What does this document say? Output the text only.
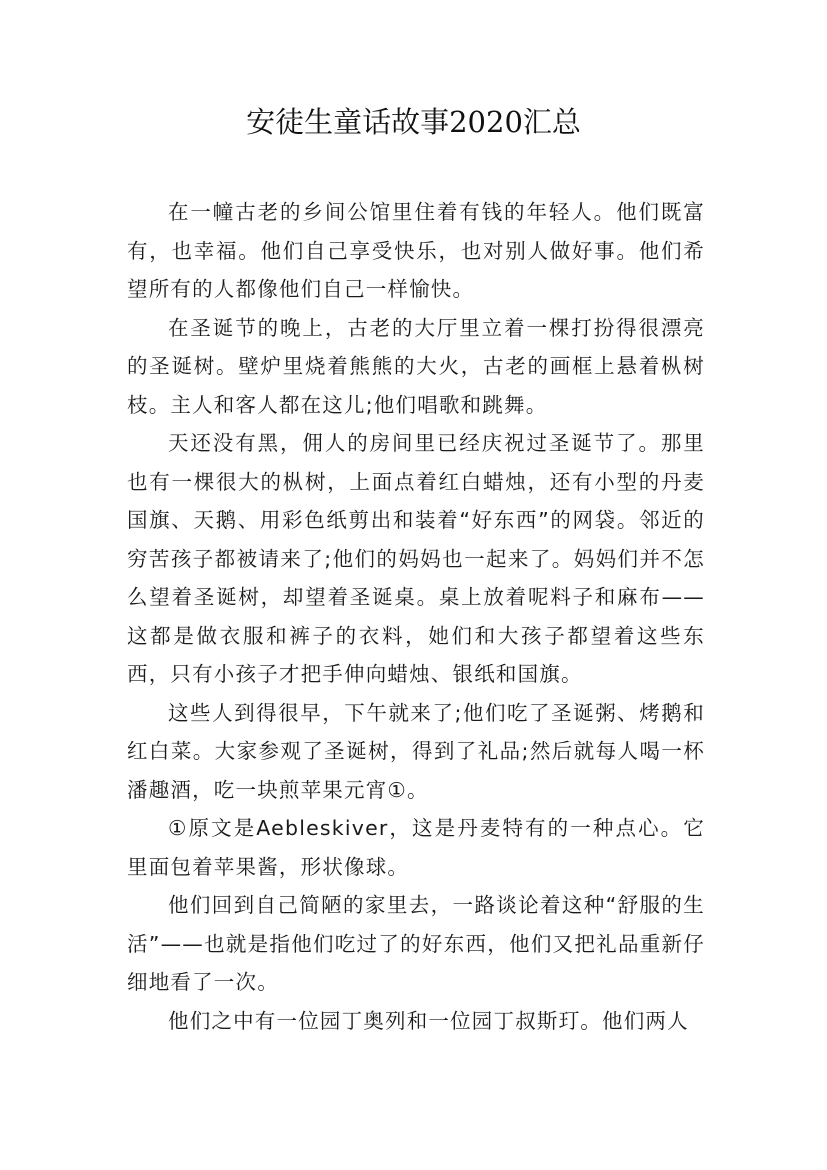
安徒生童话故事2020汇总

在一幢古老的乡间公馆里住着有钱的年轻人。他们既富有，也幸福。他们自己享受快乐，也对别人做好事。他们希望所有的人都像他们自己一样愉快。

在圣诞节的晚上，古老的大厅里立着一棵打扮得很漂亮的圣诞树。壁炉里烧着熊熊的大火，古老的画框上悬着枞树枝。主人和客人都在这儿;他们唱歌和跳舞。

天还没有黑，佣人的房间里已经庆祝过圣诞节了。那里也有一棵很大的枞树，上面点着红白蜡烛，还有小型的丹麦国旗、天鹅、用彩色纸剪出和装着“好东西”的网袋。邻近的穷苦孩子都被请来了;他们的妈妈也一起来了。妈妈们并不怎么望着圣诞树，却望着圣诞桌。桌上放着呢料子和麻布——这都是做衣服和裤子的衣料，她们和大孩子都望着这些东西，只有小孩子才把手伸向蜡烛、银纸和国旗。

这些人到得很早，下午就来了;他们吃了圣诞粥、烤鹅和红白菜。大家参观了圣诞树，得到了礼品;然后就每人喝一杯潘趣酒，吃一块煎苹果元宵①。

①原文是Aebleskiver，这是丹麦特有的一种点心。它里面包着苹果酱，形状像球。

他们回到自己简陋的家里去，一路谈论着这种“舒服的生活”——也就是指他们吃过了的好东西，他们又把礼品重新仔细地看了一次。

他们之中有一位园丁奥列和一位园丁叔斯玎。他们两人
